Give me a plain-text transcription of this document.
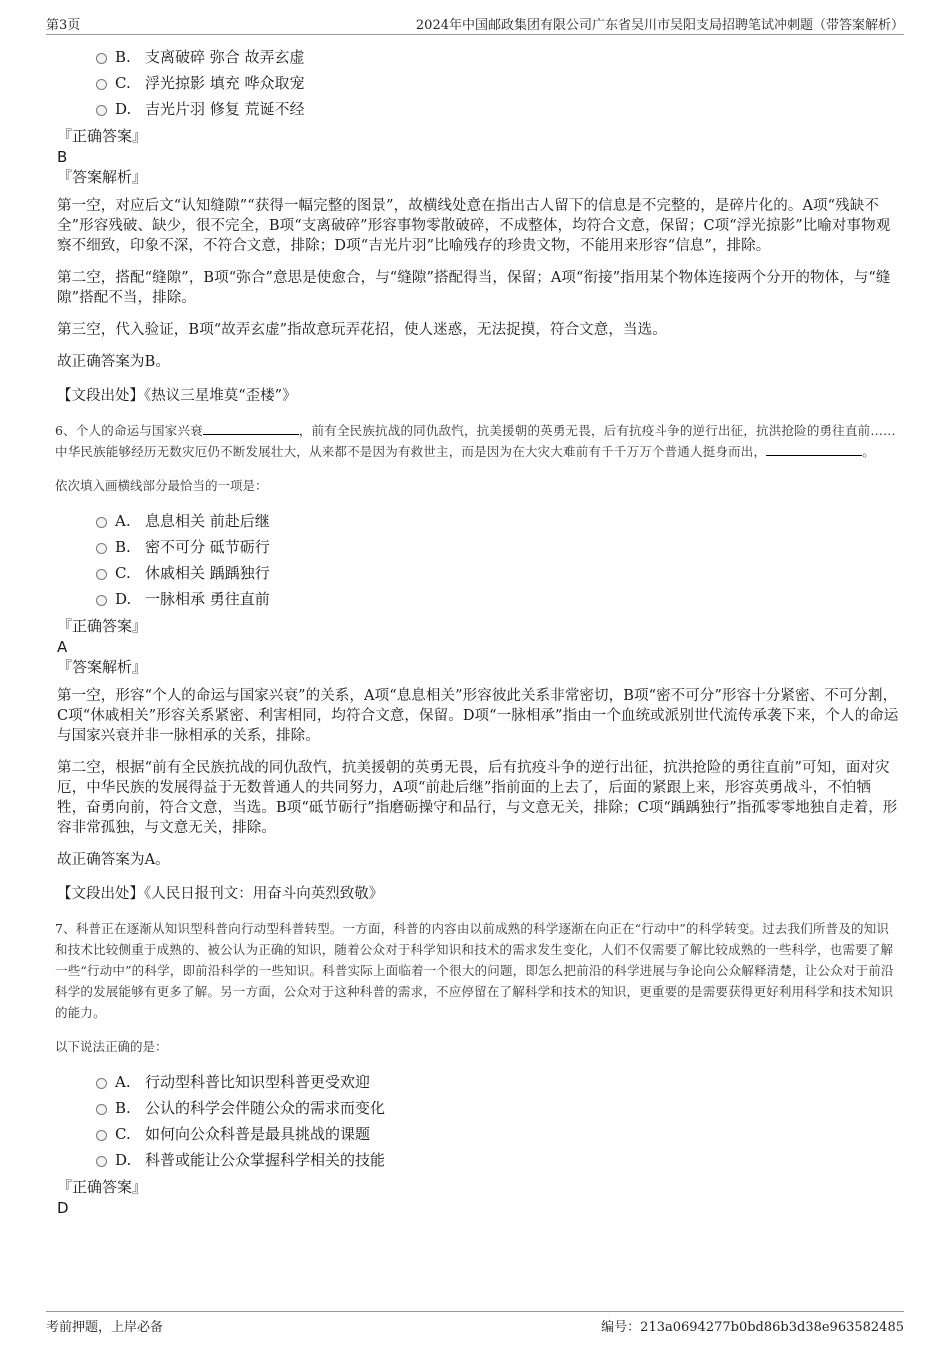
第3页	2024年中国邮政集团有限公司广东省吴川市吴阳支局招聘笔试冲刺题（带答案解析）
B. 支离破碎 弥合 故弄玄虚
C. 浮光掠影 填充 哗众取宠
D. 吉光片羽 修复 荒诞不经
『正确答案』
B
『答案解析』
第一空，对应后文“认知缝隙”“获得一幅完整的图景”，故横线处意在指出古人留下的信息是不完整的，是碎片化的。A项“残缺不全”形容残破、缺少，很不完全，B项“支离破碎”形容事物零散破碎，不成整体，均符合文意，保留；C项“浮光掠影”比喻对事物观察不细致，印象不深，不符合文意，排除；D项“吉光片羽”比喻残存的珍贵文物，不能用来形容“信息”，排除。
第二空，搭配“缝隙”，B项“弥合”意思是使愈合，与“缝隙”搭配得当，保留；A项“衔接”指用某个物体连接两个分开的物体，与“缝隙”搭配不当，排除。
第三空，代入验证，B项“故弄玄虚”指故意玩弄花招，使人迷惑，无法捉摸，符合文意，当选。
故正确答案为B。
【文段出处】《热议三星堆莫“歪楼”》
6、个人的命运与国家兴衰	，前有全民族抗战的同仇敌忾，抗美援朝的英勇无畏，后有抗疫斗争的逆行出征，抗洪抢险的勇往直前……中华民族能够经历无数灾厄仍不断发展壮大，从来都不是因为有救世主，而是因为在大灾大难前有千千万万个普通人挺身而出，	。
依次填入画横线部分最恰当的一项是：
A. 息息相关 前赴后继
B. 密不可分 砥节砺行
C. 休戚相关 踽踽独行
D. 一脉相承 勇往直前
『正确答案』
A
『答案解析』
第一空，形容“个人的命运与国家兴衰”的关系，A项“息息相关”形容彼此关系非常密切，B项“密不可分”形容十分紧密、不可分割，C项“休戚相关”形容关系紧密、利害相同，均符合文意，保留。D项“一脉相承”指由一个血统或派别世代流传承袭下来，个人的命运与国家兴衰并非一脉相承的关系，排除。
第二空，根据“前有全民族抗战的同仇敌忾，抗美援朝的英勇无畏，后有抗疫斗争的逆行出征，抗洪抢险的勇往直前”可知，面对灾厄，中华民族的发展得益于无数普通人的共同努力，A项“前赴后继”指前面的上去了，后面的紧跟上来，形容英勇战斗，不怕牺牲，奋勇向前，符合文意，当选。B项“砥节砺行”指磨砺操守和品行，与文意无关，排除；C项“踽踽独行”指孤零零地独自走着，形容非常孤独，与文意无关，排除。
故正确答案为A。
【文段出处】《人民日报刊文：用奋斗向英烈致敬》
7、科普正在逐渐从知识型科普向行动型科普转型。一方面，科普的内容由以前成熟的科学逐渐在向正在“行动中”的科学转变。过去我们所普及的知识和技术比较侧重于成熟的、被公认为正确的知识，随着公众对于科学知识和技术的需求发生变化，人们不仅需要了解比较成熟的一些科学，也需要了解一些“行动中”的科学，即前沿科学的一些知识。科普实际上面临着一个很大的问题，即怎么把前沿的科学进展与争论向公众解释清楚，让公众对于前沿科学的发展能够有更多了解。另一方面，公众对于这种科普的需求，不应停留在了解科学和技术的知识，更重要的是需要获得更好利用科学和技术知识的能力。
以下说法正确的是：
A. 行动型科普比知识型科普更受欢迎
B. 公认的科学会伴随公众的需求而变化
C. 如何向公众科普是最具挑战的课题
D. 科普或能让公众掌握科学相关的技能
『正确答案』
D
考前押题，上岸必备	编号：213a0694277b0bd86b3d38e963582485
